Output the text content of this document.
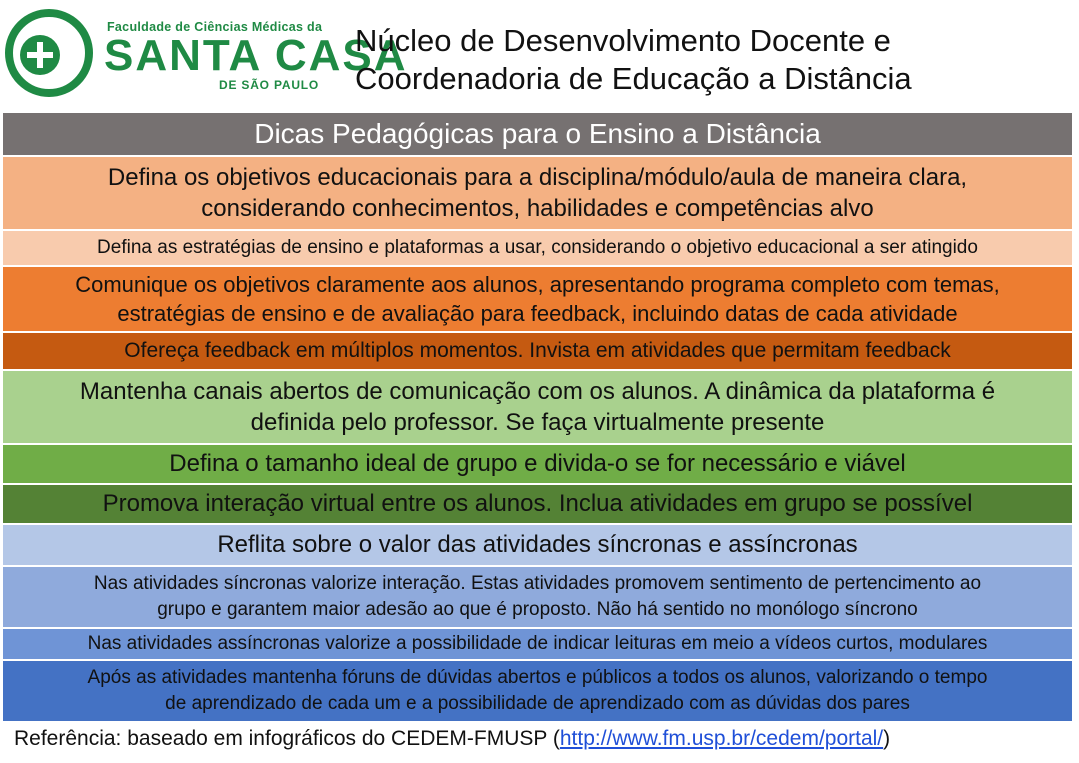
Faculdade de Ciências Médicas da
SANTA CASA
DE SÃO PAULO
Núcleo de Desenvolvimento Docente e
Coordenadoria de Educação a Distância
Dicas Pedagógicas para o Ensino a Distância
Defina os objetivos educacionais para a disciplina/módulo/aula de maneira clara,
considerando conhecimentos, habilidades e competências alvo
Defina as estratégias de ensino e plataformas a usar, considerando o objetivo educacional a ser atingido
Comunique os objetivos claramente aos alunos, apresentando programa completo com temas,
estratégias de ensino e de avaliação para feedback, incluindo datas de cada atividade
Ofereça feedback em múltiplos momentos. Invista em atividades que permitam feedback
Mantenha canais abertos de comunicação com os alunos. A dinâmica da plataforma é
definida pelo professor. Se faça virtualmente presente
Defina o tamanho ideal de grupo e divida-o se for necessário e viável
Promova interação virtual entre os alunos. Inclua atividades em grupo se possível
Reflita sobre o valor das atividades síncronas e assíncronas
Nas atividades síncronas valorize interação. Estas atividades promovem sentimento de pertencimento ao
grupo e garantem maior adesão ao que é proposto. Não há sentido no monólogo síncrono
Nas atividades assíncronas valorize a possibilidade de indicar leituras em meio a vídeos curtos, modulares
Após as atividades mantenha fóruns de dúvidas abertos e públicos a todos os alunos, valorizando o tempo
de aprendizado de cada um e a possibilidade de aprendizado com as dúvidas dos pares
Referência: baseado em infográficos do CEDEM-FMUSP (http://www.fm.usp.br/cedem/portal/)
